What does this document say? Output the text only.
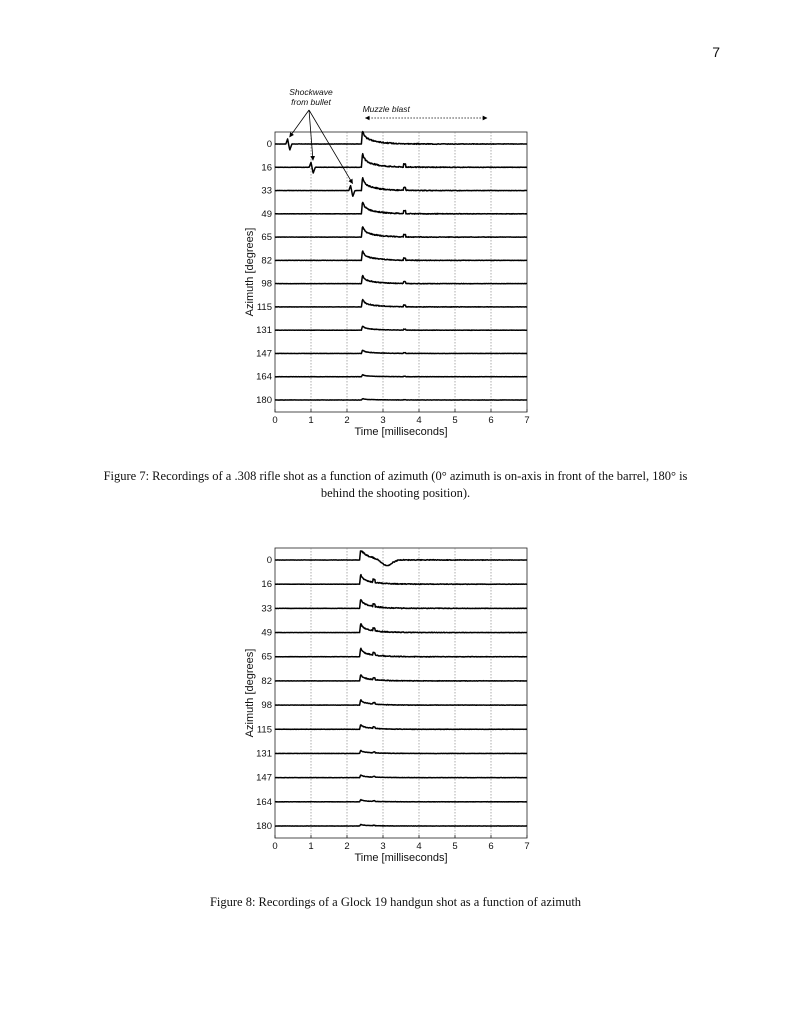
7
0	1	2	3	4	5	6	7
Time [milliseconds]
Azimuth [degrees]
0
16
33
49
65
82
98
115
131
147
164
180
Shockwave
from bullet
Muzzle blast
Figure 7: Recordings of a .308 rifle shot as a function of azimuth (0° azimuth is on-axis in front of the barrel, 180° is behind the shooting position).
0	1	2	3	4	5	6	7
Time [milliseconds]
Azimuth [degrees]
0
16
33
49
65
82
98
115
131
147
164
180
Figure 8: Recordings of a Glock 19 handgun shot as a function of azimuth
